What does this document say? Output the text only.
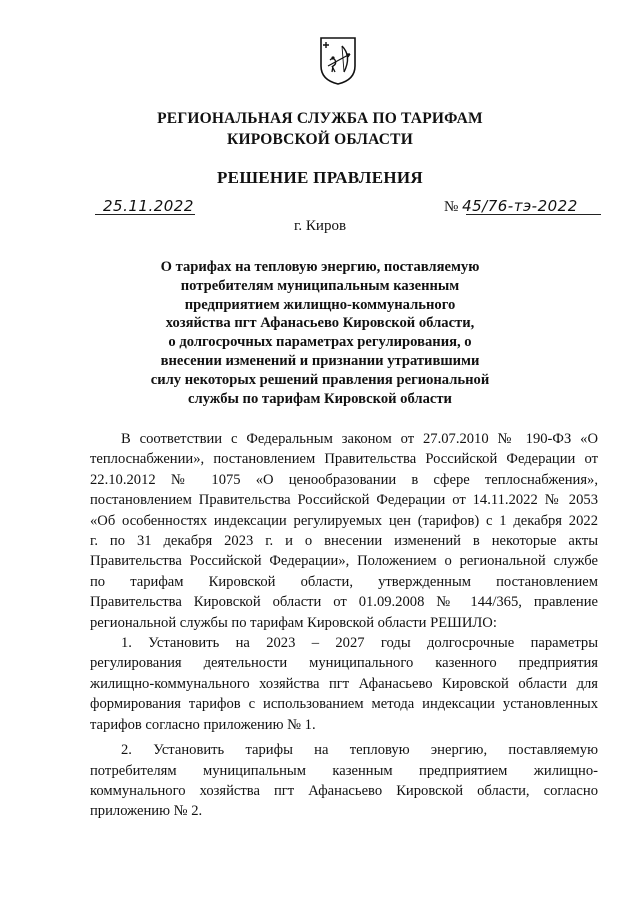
РЕГИОНАЛЬНАЯ СЛУЖБА ПО ТАРИФАМ
КИРОВСКОЙ ОБЛАСТИ
РЕШЕНИЕ ПРАВЛЕНИЯ
25.11.2022	№ 45/76-тэ-2022
г. Киров
О тарифах на тепловую энергию, поставляемую
потребителям муниципальным казенным
предприятием жилищно-коммунального
хозяйства пгт Афанасьево Кировской области,
о долгосрочных параметрах регулирования, о
внесении изменений и признании утратившими
силу некоторых решений правления региональной
службы по тарифам Кировской области
В соответствии с Федеральным законом от 27.07.2010 № 190-ФЗ «О
теплоснабжении», постановлением Правительства Российской Федерации от
22.10.2012 № 1075 «О ценообразовании в сфере теплоснабжения»,
постановлением Правительства Российской Федерации от 14.11.2022 № 2053
«Об особенностях индексации регулируемых цен (тарифов) с 1 декабря 2022
г. по 31 декабря 2023 г. и о внесении изменений в некоторые акты
Правительства Российской Федерации», Положением о региональной службе
по тарифам Кировской области, утвержденным постановлением
Правительства Кировской области от 01.09.2008 № 144/365, правление
региональной службы по тарифам Кировской области РЕШИЛО:
1. Установить на 2023 – 2027 годы долгосрочные параметры
регулирования деятельности муниципального казенного предприятия
жилищно-коммунального хозяйства пгт Афанасьево Кировской области для
формирования тарифов с использованием метода индексации установленных
тарифов согласно приложению № 1.
2. Установить тарифы на тепловую энергию, поставляемую
потребителям муниципальным казенным предприятием жилищно-
коммунального хозяйства пгт Афанасьево Кировской области, согласно
приложению № 2.
